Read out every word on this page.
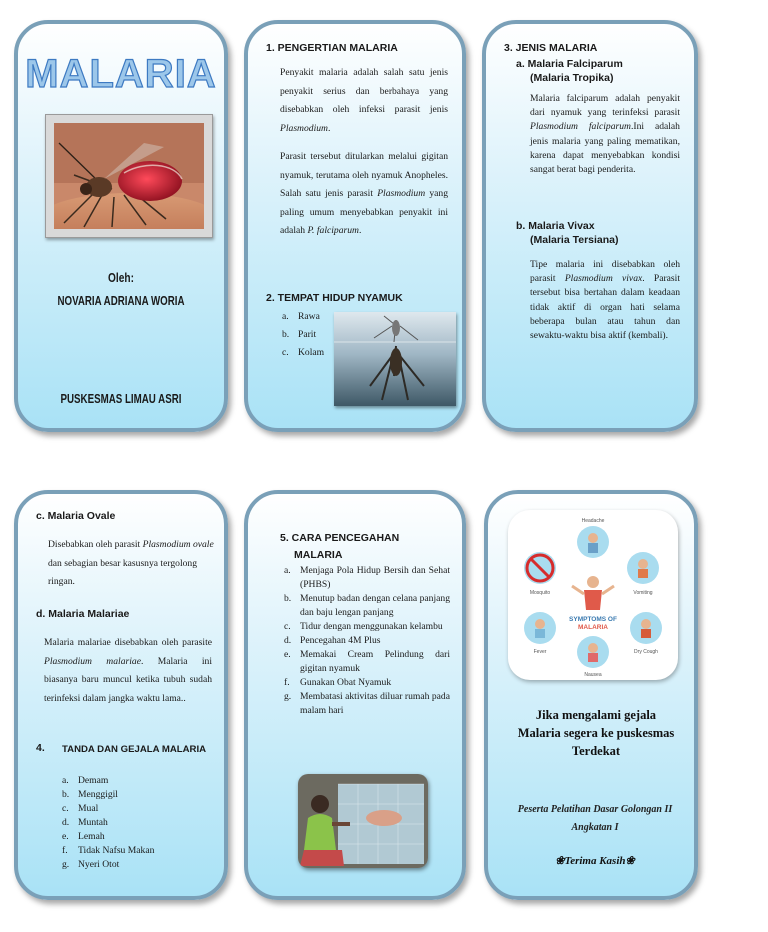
MALARIA
Oleh:
NOVARIA ADRIANA WORIA
PUSKESMAS LIMAU ASRI
1. PENGERTIAN MALARIA

Penyakit malaria adalah salah satu jenis penyakit serius dan berbahaya yang disebabkan oleh infeksi parasit jenis Plasmodium.

Parasit tersebut ditularkan melalui gigitan nyamuk, terutama oleh nyamuk Anopheles. Salah satu jenis parasit Plasmodium yang paling umum menyebabkan penyakit ini adalah P. falciparum.

2. TEMPAT HIDUP NYAMUK
a. Rawa
b. Parit
c. Kolam
3. JENIS MALARIA
a. Malaria Falciparum
(Malaria Tropika)

Malaria falciparum adalah penyakit dari nyamuk yang terinfeksi parasit Plasmodium falciparum.Ini adalah jenis malaria yang paling mematikan, karena dapat menyebabkan kondisi sangat berat bagi penderita.

b. Malaria Vivax
(Malaria Tersiana)

Tipe malaria ini disebabkan oleh parasit Plasmodium vivax. Parasit tersebut bisa bertahan dalam keadaan tidak aktif di organ hati selama beberapa bulan atau tahun dan sewaktu-waktu bisa aktif (kembali).

c. Malaria Ovale

Disebabkan oleh parasit Plasmodium ovale dan sebagian besar kasusnya tergolong ringan.

d. Malaria Malariae

Malaria malariae disebabkan oleh parasite Plasmodium malariae. Malaria ini biasanya baru muncul ketika tubuh sudah terinfeksi dalam jangka waktu lama..

4. TANDA DAN GEJALA MALARIA
a. Demam
b. Menggigil
c. Mual
d. Muntah
e. Lemah
f. Tidak Nafsu Makan
g. Nyeri Otot
5. CARA PENCEGAHAN
MALARIA
a. Menjaga Pola Hidup Bersih dan Sehat (PHBS)
b. Menutup badan dengan celana panjang dan baju lengan panjang
c. Tidur dengan menggunakan kelambu
d. Pencegahan 4M Plus
e. Memakai Cream Pelindung dari gigitan nyamuk
f.	Gunakan Obat Nyamuk
g. Membatasi aktivitas diluar rumah pada malam hari
SYMPTOMS OF
MALARIA
Headache
Vomiting
Dry Cough
Nausea
Fever
Mosquito
Jika mengalami gejala Malaria segera ke puskesmas Terdekat
Peserta Pelatihan Dasar Golongan II
Angkatan I
❀Terima Kasih❀
